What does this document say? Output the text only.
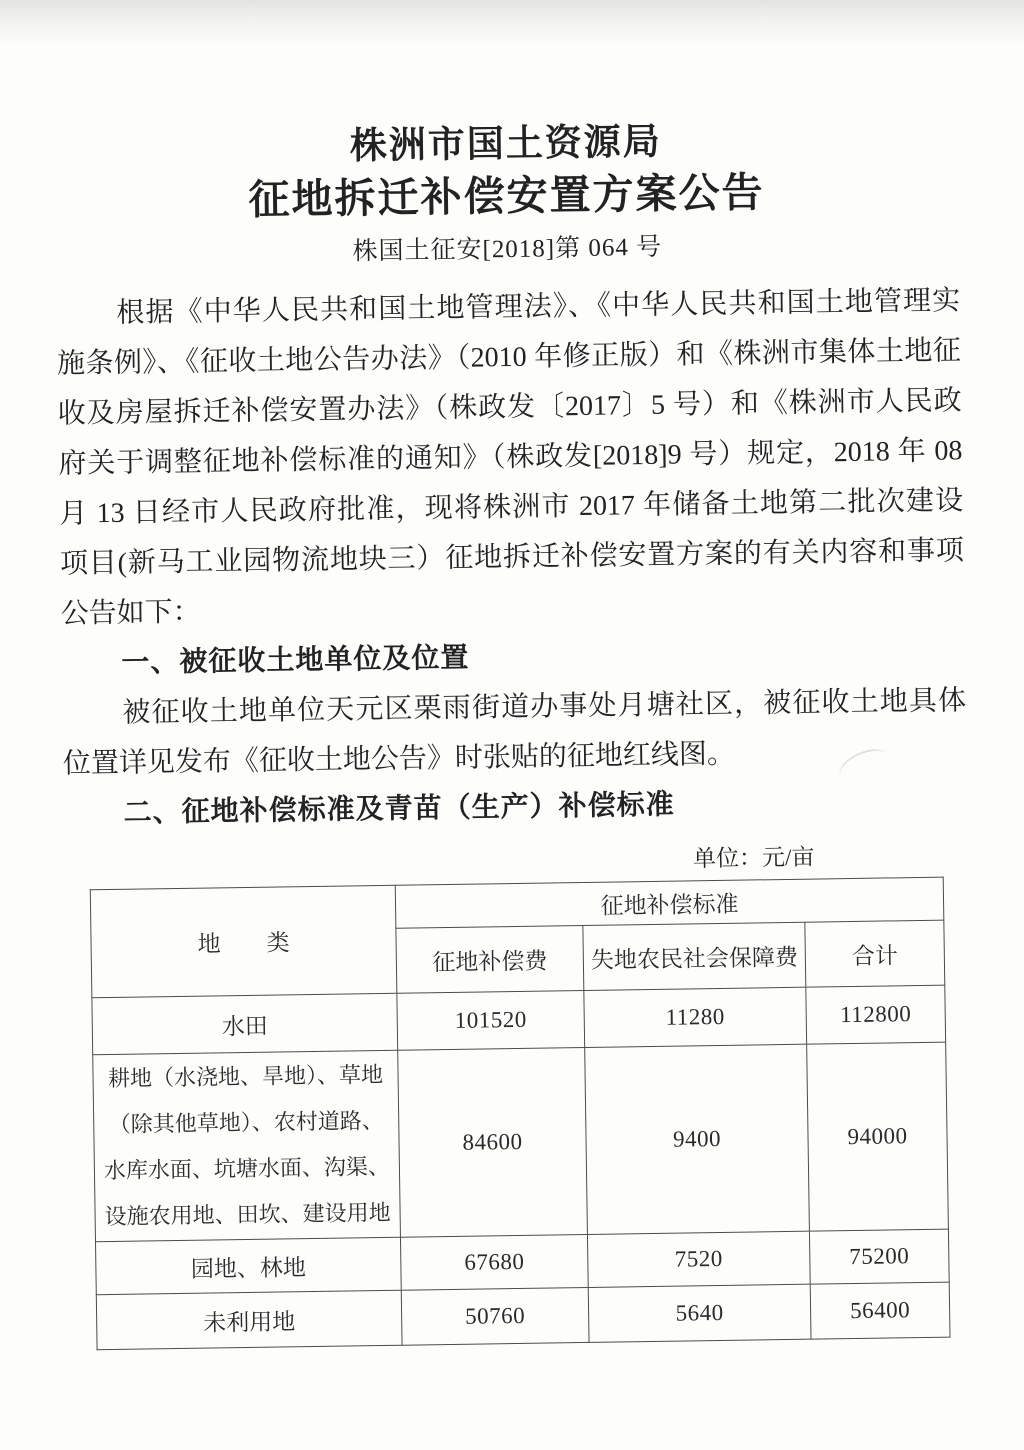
株洲市国土资源局
征地拆迁补偿安置方案公告
株国土征安[2018]第 064 号
根据《中华人民共和国土地管理法》、《中华人民共和国土地管理实
施条例》、《征收土地公告办法》（2010 年修正版）和《株洲市集体土地征
收及房屋拆迁补偿安置办法》（株政发〔2017〕5 号）和《株洲市人民政
府关于调整征地补偿标准的通知》（株政发[2018]9 号）规定，2018 年 08
月 13 日经市人民政府批准，现将株洲市 2017 年储备土地第二批次建设
项目(新马工业园物流地块三）征地拆迁补偿安置方案的有关内容和事项
公告如下：
一、被征收土地单位及位置
被征收土地单位天元区栗雨街道办事处月塘社区，被征收土地具体
位置详见发布《征收土地公告》时张贴的征地红线图。
二、征地补偿标准及青苗（生产）补偿标准
单位：元/亩
地　　类	征地补偿标准		
	征地补偿费	失地农民社会保障费	合计
水田	101520	11280	112800
耕地（水浇地、旱地）、草地（除其他草地）、农村道路、水库水面、坑塘水面、沟渠、设施农用地、田坎、建设用地	84600	9400	94000
园地、林地	67680	7520	75200
未利用地	50760	5640	56400
